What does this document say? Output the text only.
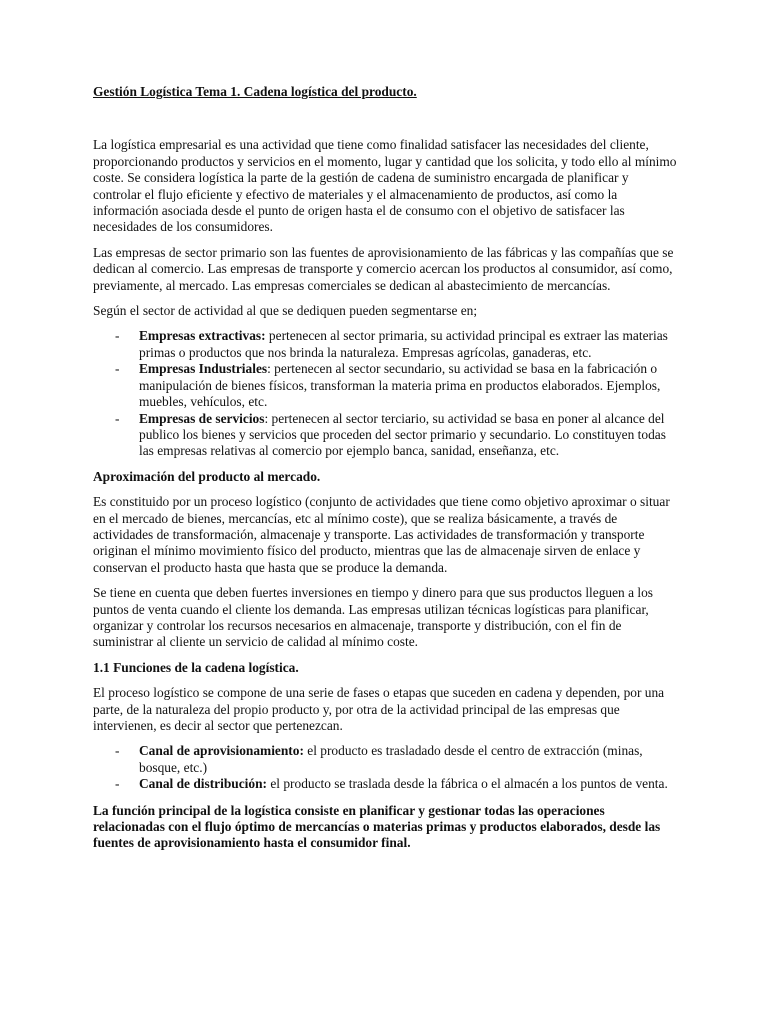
Gestión Logística Tema 1. Cadena logística del producto.

La logística empresarial es una actividad que tiene como finalidad satisfacer las necesidades del cliente, proporcionando productos y servicios en el momento, lugar y cantidad que los solicita, y todo ello al mínimo coste. Se considera logística la parte de la gestión de cadena de suministro encargada de planificar y controlar el flujo eficiente y efectivo de materiales y el almacenamiento de productos, así como la información asociada desde el punto de origen hasta el de consumo con el objetivo de satisfacer las necesidades de los consumidores.

Las empresas de sector primario son las fuentes de aprovisionamiento de las fábricas y las compañías que se dedican al comercio. Las empresas de transporte y comercio acercan los productos al consumidor, así como, previamente, al mercado. Las empresas comerciales se dedican al abastecimiento de mercancías.

Según el sector de actividad al que se dediquen pueden segmentarse en;

- Empresas extractivas: pertenecen al sector primaria, su actividad principal es extraer las materias primas o productos que nos brinda la naturaleza. Empresas agrícolas, ganaderas, etc.
- Empresas Industriales: pertenecen al sector secundario, su actividad se basa en la fabricación o manipulación de bienes físicos, transforman la materia prima en productos elaborados. Ejemplos, muebles, vehículos, etc.
- Empresas de servicios: pertenecen al sector terciario, su actividad se basa en poner al alcance del publico los bienes y servicios que proceden del sector primario y secundario. Lo constituyen todas las empresas relativas al comercio por ejemplo banca, sanidad, enseñanza, etc.

Aproximación del producto al mercado.

Es constituido por un proceso logístico (conjunto de actividades que tiene como objetivo aproximar o situar en el mercado de bienes, mercancías, etc al mínimo coste), que se realiza básicamente, a través de actividades de transformación, almacenaje y transporte. Las actividades de transformación y transporte originan el mínimo movimiento físico del producto, mientras que las de almacenaje sirven de enlace y conservan el producto hasta que hasta que se produce la demanda.

Se tiene en cuenta que deben fuertes inversiones en tiempo y dinero para que sus productos lleguen a los puntos de venta cuando el cliente los demanda. Las empresas utilizan técnicas logísticas para planificar, organizar y controlar los recursos necesarios en almacenaje, transporte y distribución, con el fin de suministrar al cliente un servicio de calidad al mínimo coste.

1.1 Funciones de la cadena logística.

El proceso logístico se compone de una serie de fases o etapas que suceden en cadena y dependen, por una parte, de la naturaleza del propio producto y, por otra de la actividad principal de las empresas que intervienen, es decir al sector que pertenezcan.

- Canal de aprovisionamiento: el producto es trasladado desde el centro de extracción (minas, bosque, etc.)
- Canal de distribución: el producto se traslada desde la fábrica o el almacén a los puntos de venta.

La función principal de la logística consiste en planificar y gestionar todas las operaciones relacionadas con el flujo óptimo de mercancías o materias primas y productos elaborados, desde las fuentes de aprovisionamiento hasta el consumidor final.
